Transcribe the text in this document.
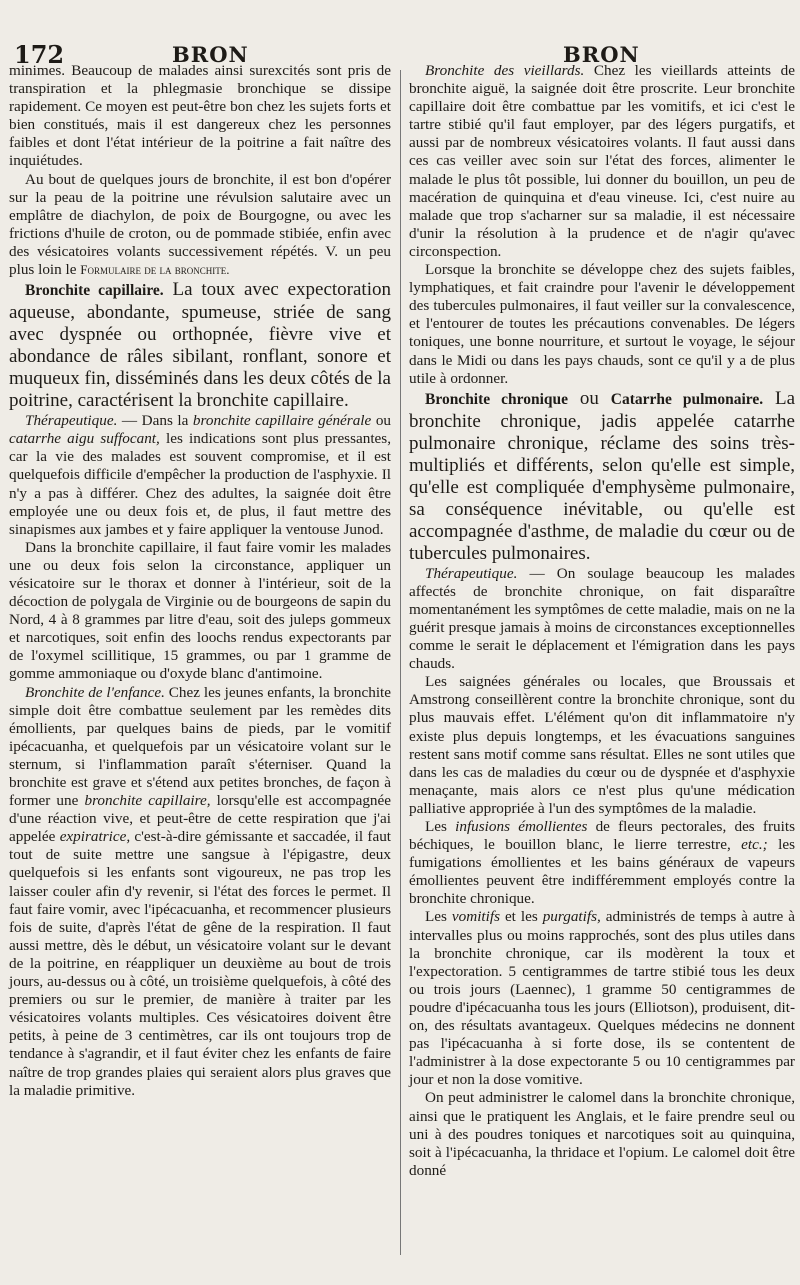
172	BRON	BRON

minimes. Beaucoup de malades ainsi surexcités sont pris de transpiration et la phlegmasie bronchique se dissipe rapidement. Ce moyen est peut-être bon chez les sujets forts et bien constitués, mais il est dangereux chez les personnes faibles et dont l'état intérieur de la poitrine a fait naître des inquiétudes.

Au bout de quelques jours de bronchite, il est bon d'opérer sur la peau de la poitrine une révulsion salutaire avec un emplâtre de diachylon, de poix de Bourgogne, ou avec les frictions d'huile de croton, ou de pommade stibiée, enfin avec des vésicatoires volants successivement répétés. V. un peu plus loin le Formulaire de la bronchite.

Bronchite capillaire. La toux avec expectoration aqueuse, abondante, spumeuse, striée de sang avec dyspnée ou orthopnée, fièvre vive et abondance de râles sibilant, ronflant, sonore et muqueux fin, disséminés dans les deux côtés de la poitrine, caractérisent la bronchite capillaire.

Thérapeutique. — Dans la bronchite capillaire générale ou catarrhe aigu suffocant, les indications sont plus pressantes, car la vie des malades est souvent compromise, et il est quelquefois difficile d'empêcher la production de l'asphyxie. Il n'y a pas à différer. Chez des adultes, la saignée doit être employée une ou deux fois et, de plus, il faut mettre des sinapismes aux jambes et y faire appliquer la ventouse Junod.

Dans la bronchite capillaire, il faut faire vomir les malades une ou deux fois selon la circonstance, appliquer un vésicatoire sur le thorax et donner à l'intérieur, soit de la décoction de polygala de Virginie ou de bourgeons de sapin du Nord, 4 à 8 grammes par litre d'eau, soit des juleps gommeux et narcotiques, soit enfin des loochs rendus expectorants par de l'oxymel scillitique, 15 grammes, ou par 1 gramme de gomme ammoniaque ou d'oxyde blanc d'antimoine.

Bronchite de l'enfance. Chez les jeunes enfants, la bronchite simple doit être combattue seulement par les remèdes dits émollients, par quelques bains de pieds, par le vomitif ipécacuanha, et quelquefois par un vésicatoire volant sur le sternum, si l'inflammation paraît s'éterniser. Quand la bronchite est grave et s'étend aux petites bronches, de façon à former une bronchite capillaire, lorsqu'elle est accompagnée d'une réaction vive, et peut-être de cette respiration que j'ai appelée expiratrice, c'est-à-dire gémissante et saccadée, il faut tout de suite mettre une sangsue à l'épigastre, deux quelquefois si les enfants sont vigoureux, ne pas trop les laisser couler afin d'y revenir, si l'état des forces le permet. Il faut faire vomir, avec l'ipécacuanha, et recommencer plusieurs fois de suite, d'après l'état de gêne de la respiration. Il faut aussi mettre, dès le début, un vésicatoire volant sur le devant de la poitrine, en réappliquer un deuxième au bout de trois jours, au-dessus ou à côté, un troisième quelquefois, à côté des premiers ou sur le premier, de manière à traiter par les vésicatoires volants multiples. Ces vésicatoires doivent être petits, à peine de 3 centimètres, car ils ont toujours trop de tendance à s'agrandir, et il faut éviter chez les enfants de faire naître de trop grandes plaies qui seraient alors plus graves que la maladie primitive.

Bronchite des vieillards. Chez les vieillards atteints de bronchite aiguë, la saignée doit être proscrite. Leur bronchite capillaire doit être combattue par les vomitifs, et ici c'est le tartre stibié qu'il faut employer, par des légers purgatifs, et aussi par de nombreux vésicatoires volants. Il faut aussi dans ces cas veiller avec soin sur l'état des forces, alimenter le malade le plus tôt possible, lui donner du bouillon, un peu de macération de quinquina et d'eau vineuse. Ici, c'est nuire au malade que trop s'acharner sur sa maladie, il est nécessaire d'unir la résolution à la prudence et de n'agir qu'avec circonspection.

Lorsque la bronchite se développe chez des sujets faibles, lymphatiques, et fait craindre pour l'avenir le développement des tubercules pulmonaires, il faut veiller sur la convalescence, et l'entourer de toutes les précautions convenables. De légers toniques, une bonne nourriture, et surtout le voyage, le séjour dans le Midi ou dans les pays chauds, sont ce qu'il y a de plus utile à ordonner.

Bronchite chronique ou Catarrhe pulmonaire. La bronchite chronique, jadis appelée catarrhe pulmonaire chronique, réclame des soins très-multipliés et différents, selon qu'elle est simple, qu'elle est compliquée d'emphysème pulmonaire, sa conséquence inévitable, ou qu'elle est accompagnée d'asthme, de maladie du cœur ou de tubercules pulmonaires.

Thérapeutique. — On soulage beaucoup les malades affectés de bronchite chronique, on fait disparaître momentanément les symptômes de cette maladie, mais on ne la guérit presque jamais à moins de circonstances exceptionnelles comme le serait le déplacement et l'émigration dans les pays chauds.

Les saignées générales ou locales, que Broussais et Amstrong conseillèrent contre la bronchite chronique, sont du plus mauvais effet. L'élément qu'on dit inflammatoire n'y existe plus depuis longtemps, et les évacuations sanguines restent sans motif comme sans résultat. Elles ne sont utiles que dans les cas de maladies du cœur ou de dyspnée et d'asphyxie menaçante, mais alors ce n'est plus qu'une médication palliative appropriée à l'un des symptômes de la maladie.

Les infusions émollientes de fleurs pectorales, des fruits béchiques, le bouillon blanc, le lierre terrestre, etc.; les fumigations émollientes et les bains généraux de vapeurs émollientes peuvent être indifféremment employés contre la bronchite chronique.

Les vomitifs et les purgatifs, administrés de temps à autre à intervalles plus ou moins rapprochés, sont des plus utiles dans la bronchite chronique, car ils modèrent la toux et l'expectoration. 5 centigrammes de tartre stibié tous les deux ou trois jours (Laennec), 1 gramme 50 centigrammes de poudre d'ipécacuanha tous les jours (Elliotson), produisent, dit-on, des résultats avantageux. Quelques médecins ne donnent pas l'ipécacuanha à si forte dose, ils se contentent de l'administrer à la dose expectorante 5 ou 10 centigrammes par jour et non la dose vomitive.

On peut administrer le calomel dans la bronchite chronique, ainsi que le pratiquent les Anglais, et le faire prendre seul ou uni à des poudres toniques et narcotiques soit au quinquina, soit à l'ipécacuanha, la thridace et l'opium. Le calomel doit être donné
